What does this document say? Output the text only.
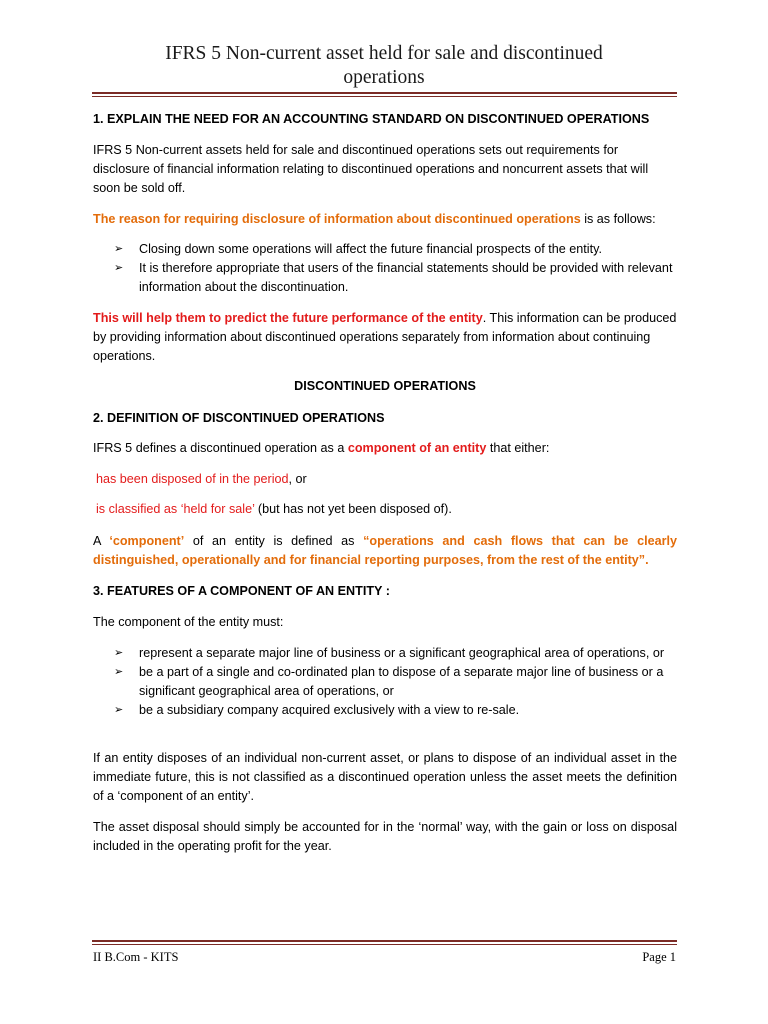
IFRS 5 Non-current asset held for sale and discontinued
operations
1. EXPLAIN THE NEED FOR AN ACCOUNTING STANDARD ON DISCONTINUED OPERATIONS
IFRS 5 Non-current assets held for sale and discontinued operations sets out requirements for disclosure of financial information relating to discontinued operations and noncurrent assets that will soon be sold off.
The reason for requiring disclosure of information about discontinued operations is as follows:
➢ Closing down some operations will affect the future financial prospects of the entity.
➢ It is therefore appropriate that users of the financial statements should be provided with relevant information about the discontinuation.
This will help them to predict the future performance of the entity. This information can be produced by providing information about discontinued operations separately from information about continuing operations.
DISCONTINUED OPERATIONS
2. DEFINITION OF DISCONTINUED OPERATIONS
IFRS 5 defines a discontinued operation as a component of an entity that either:
has been disposed of in the period, or
is classified as ‘held for sale’ (but has not yet been disposed of).
A ‘component’ of an entity is defined as “operations and cash flows that can be clearly distinguished, operationally and for financial reporting purposes, from the rest of the entity”.
3. FEATURES OF A COMPONENT OF AN ENTITY :
The component of the entity must:
➢ represent a separate major line of business or a significant geographical area of operations, or
➢ be a part of a single and co-ordinated plan to dispose of a separate major line of business or a significant geographical area of operations, or
➢ be a subsidiary company acquired exclusively with a view to re-sale.
If an entity disposes of an individual non-current asset, or plans to dispose of an individual asset in the immediate future, this is not classified as a discontinued operation unless the asset meets the definition of a ‘component of an entity’.
The asset disposal should simply be accounted for in the ‘normal’ way, with the gain or loss on disposal included in the operating profit for the year.
II B.Com - KITS	Page 1
